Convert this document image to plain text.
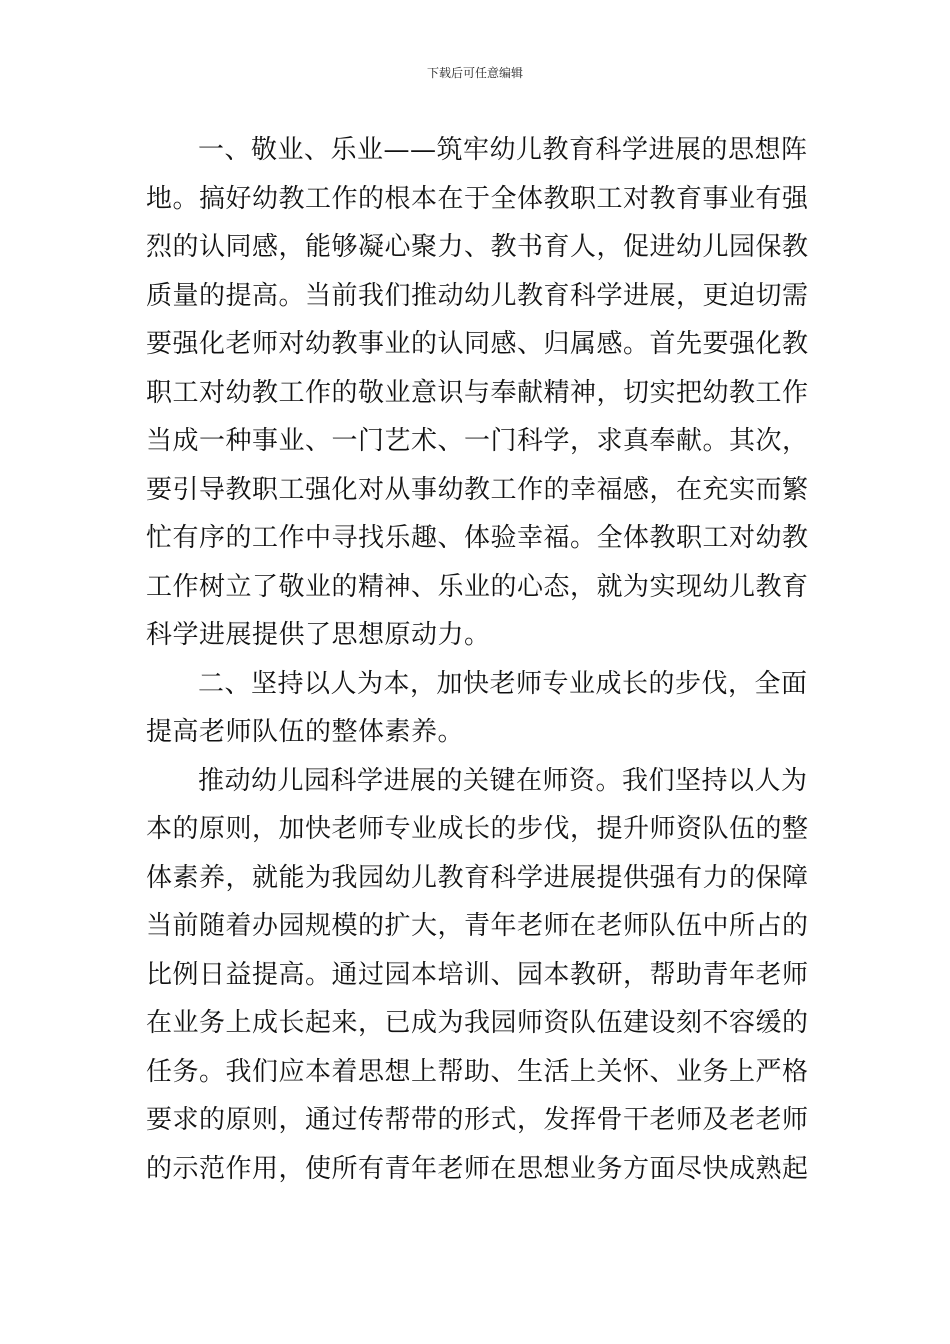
下载后可任意编辑
一、敬业、乐业——筑牢幼儿教育科学进展的思想阵
地。搞好幼教工作的根本在于全体教职工对教育事业有强
烈的认同感，能够凝心聚力、教书育人，促进幼儿园保教
质量的提高。当前我们推动幼儿教育科学进展，更迫切需
要强化老师对幼教事业的认同感、归属感。首先要强化教
职工对幼教工作的敬业意识与奉献精神，切实把幼教工作
当成一种事业、一门艺术、一门科学，求真奉献。其次，
要引导教职工强化对从事幼教工作的幸福感，在充实而繁
忙有序的工作中寻找乐趣、体验幸福。全体教职工对幼教
工作树立了敬业的精神、乐业的心态，就为实现幼儿教育
科学进展提供了思想原动力。
二、坚持以人为本，加快老师专业成长的步伐，全面
提高老师队伍的整体素养。
推动幼儿园科学进展的关键在师资。我们坚持以人为
本的原则，加快老师专业成长的步伐，提升师资队伍的整
体素养，就能为我园幼儿教育科学进展提供强有力的保障
当前随着办园规模的扩大，青年老师在老师队伍中所占的
比例日益提高。通过园本培训、园本教研，帮助青年老师
在业务上成长起来，已成为我园师资队伍建设刻不容缓的
任务。我们应本着思想上帮助、生活上关怀、业务上严格
要求的原则，通过传帮带的形式，发挥骨干老师及老老师
的示范作用，使所有青年老师在思想业务方面尽快成熟起
